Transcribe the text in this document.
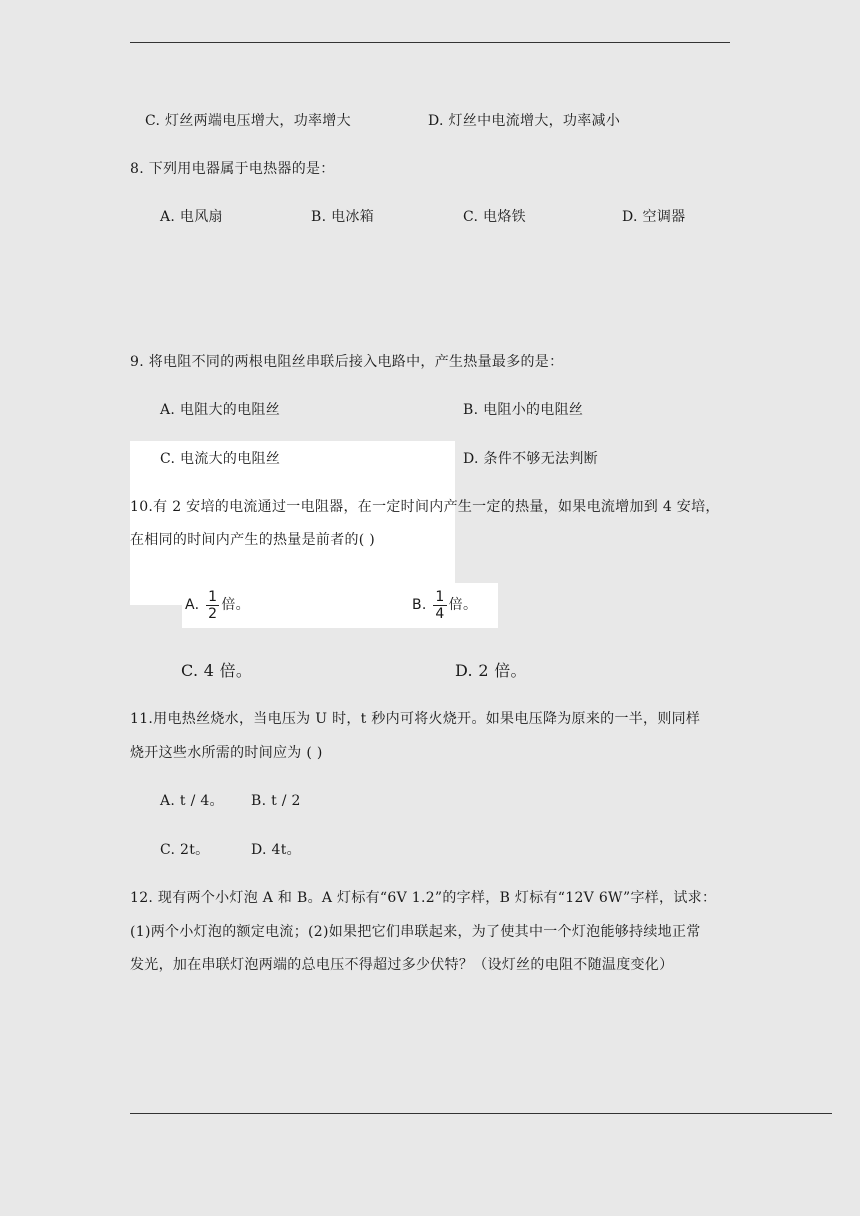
C. 灯丝两端电压增大，功率增大	D. 灯丝中电流增大，功率减小
8. 下列用电器属于电热器的是：
A. 电风扇	B. 电冰箱	C. 电烙铁	D. 空调器
9. 将电阻不同的两根电阻丝串联后接入电路中，产生热量最多的是：
A. 电阻大的电阻丝	B. 电阻小的电阻丝
C. 电流大的电阻丝	D. 条件不够无法判断
10.有 2 安培的电流通过一电阻器，在一定时间内产生一定的热量，如果电流增加到 4 安培，
在相同的时间内产生的热量是前者的( )
A. $\frac{1}{2}$ 倍。	B. $\frac{1}{4}$ 倍。
C. 4 倍。	D. 2 倍。
11.用电热丝烧水，当电压为 U 时，t 秒内可将火烧开。如果电压降为原来的一半，则同样
烧开这些水所需的时间应为 ( )
A. t / 4。 B. t / 2
C. 2t。	D. 4t。
12. 现有两个小灯泡 A 和 B。A 灯标有“6V 1.2”的字样，B 灯标有“12V 6W”字样，试求：
(1)两个小灯泡的额定电流；(2)如果把它们串联起来，为了使其中一个灯泡能够持续地正常
发光，加在串联灯泡两端的总电压不得超过多少伏特？（设灯丝的电阻不随温度变化）
